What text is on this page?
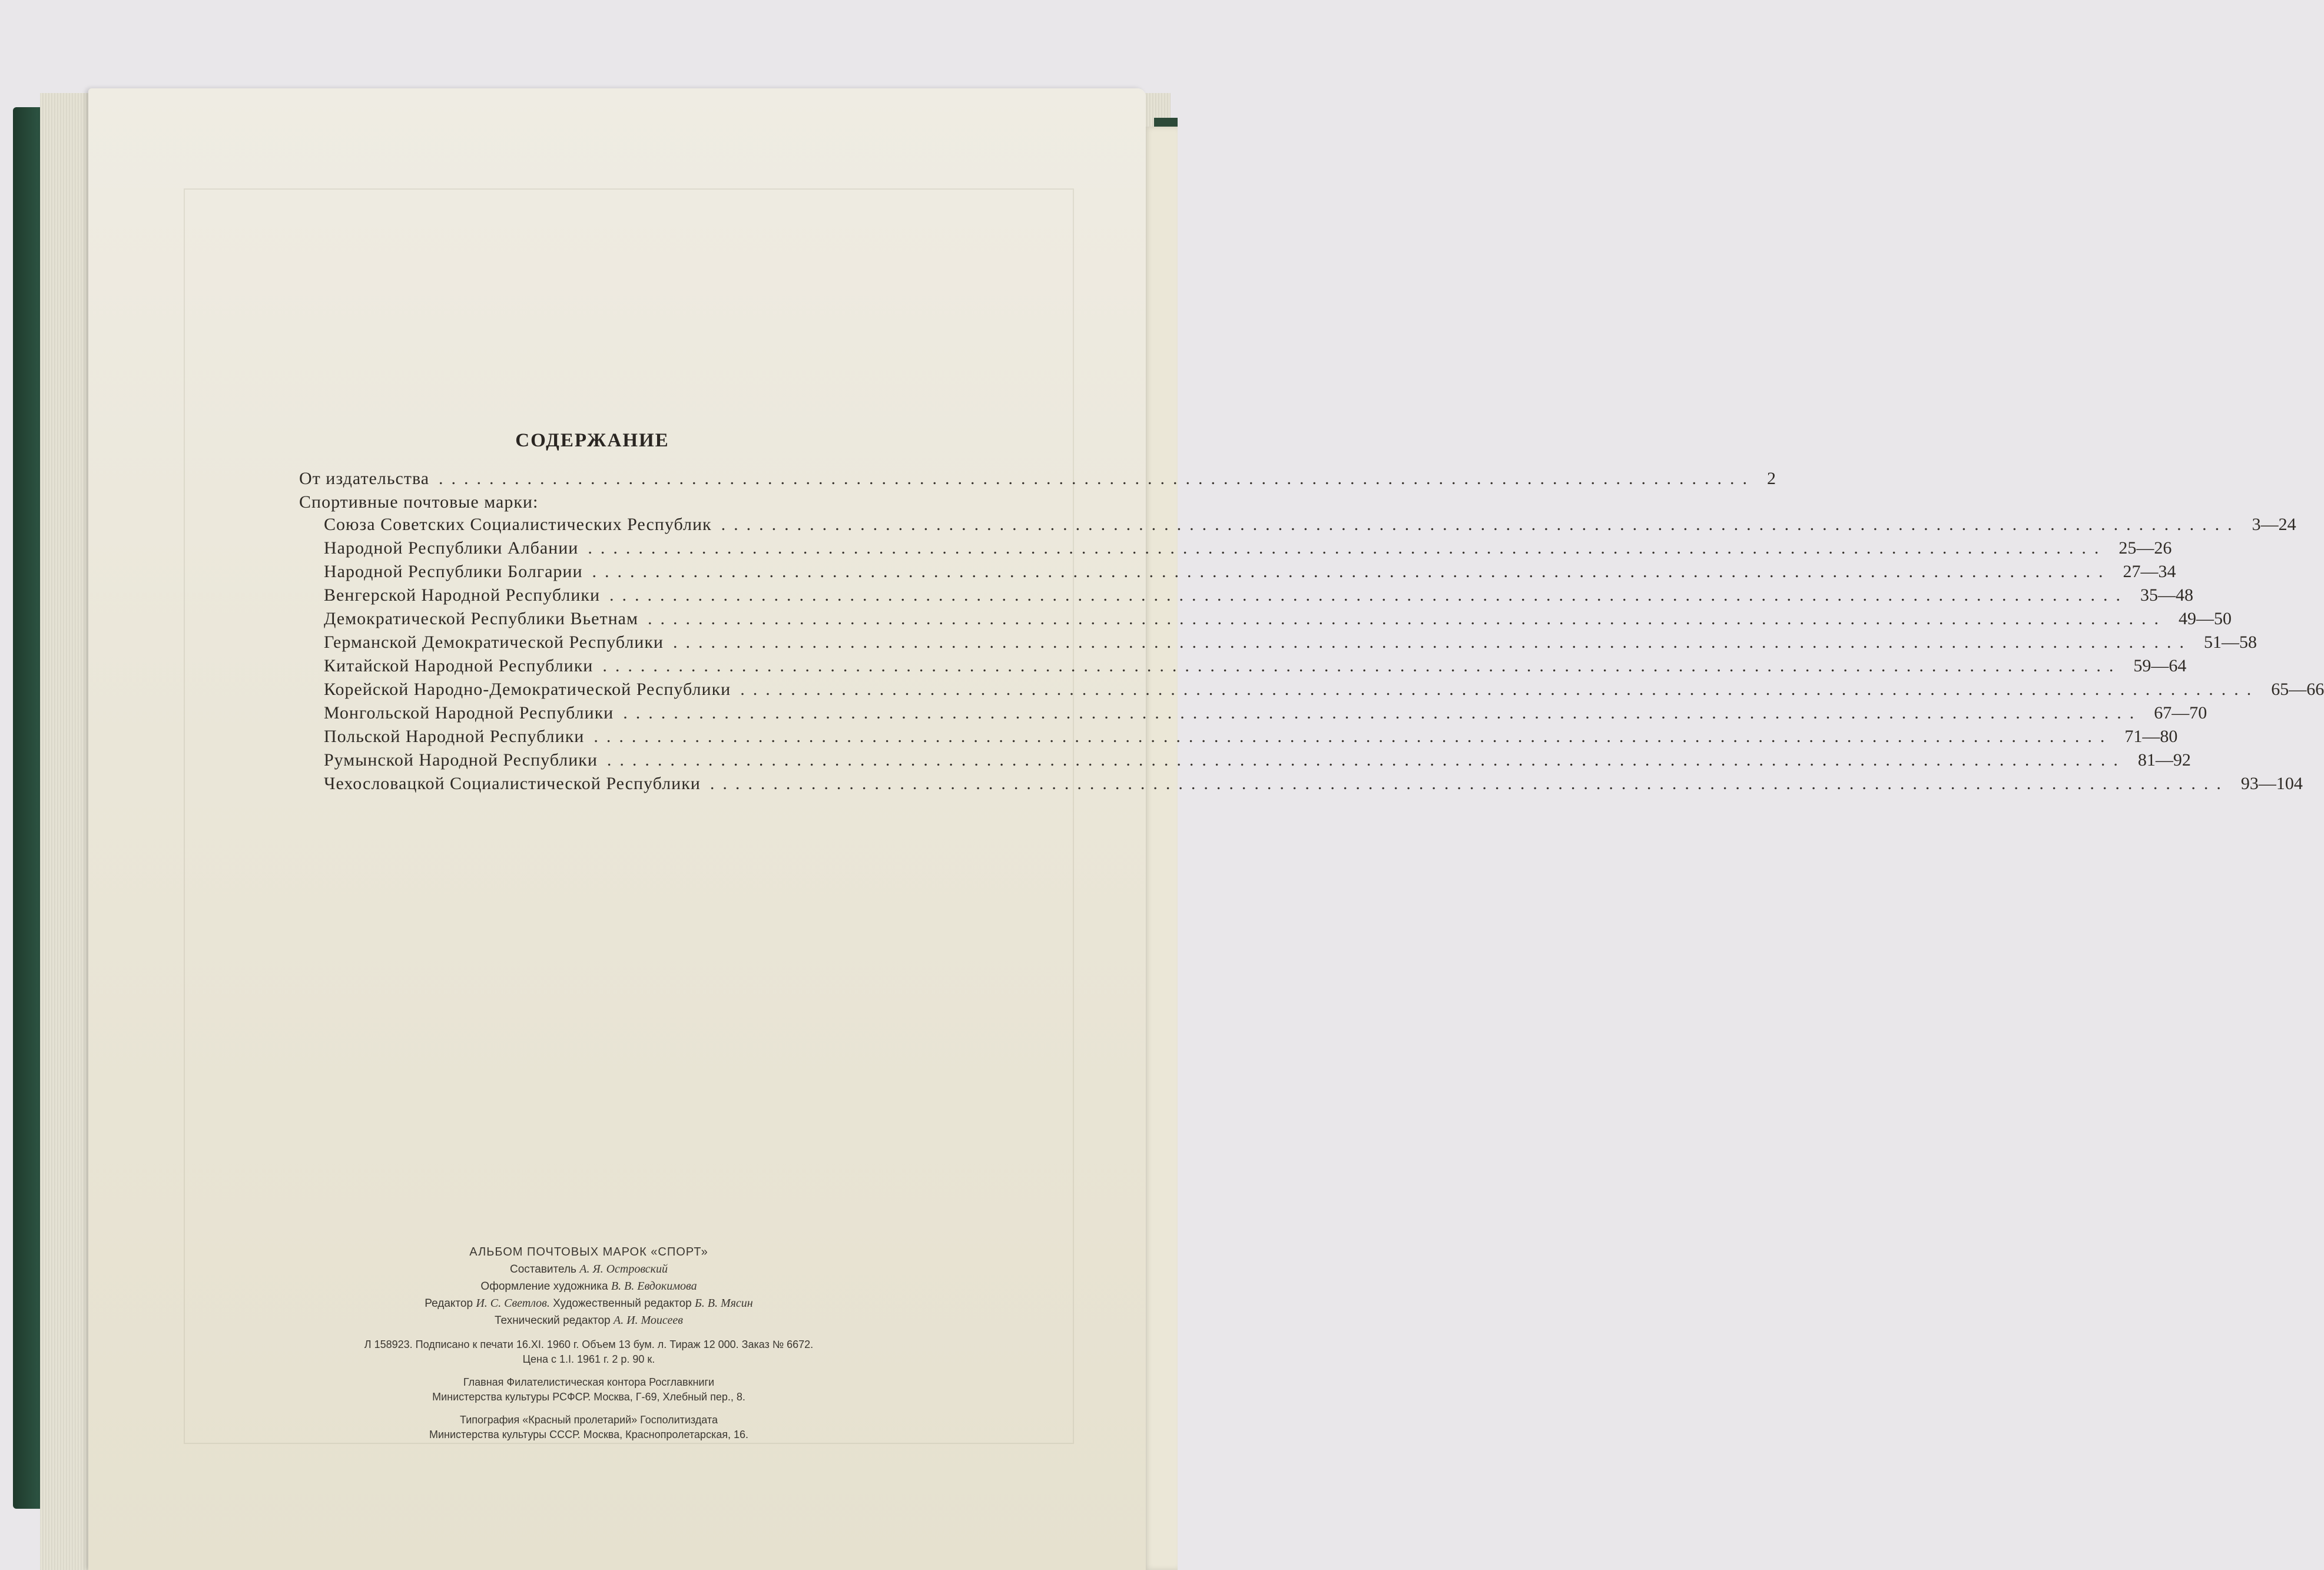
СОДЕРЖАНИЕ
От издательства ........................................................................................................ 2
Спортивные почтовые марки:
Союза Советских Социалистических Республик ........................................................................................................................ 3—24
Народной Республики Албании ........................................................................................................................ 25—26
Народной Республики Болгарии ........................................................................................................................ 27—34
Венгерской Народной Республики ........................................................................................................................ 35—48
Демократической Республики Вьетнам ........................................................................................................................ 49—50
Германской Демократической Республики ........................................................................................................................ 51—58
Китайской Народной Республики ........................................................................................................................ 59—64
Корейской Народно-Демократической Республики ........................................................................................................................ 65—66
Монгольской Народной Республики ........................................................................................................................ 67—70
Польской Народной Республики ........................................................................................................................ 71—80
Румынской Народной Республики ........................................................................................................................ 81—92
Чехословацкой Социалистической Республики ........................................................................................................................ 93—104
АЛЬБОМ ПОЧТОВЫХ МАРОК «СПОРТ»
Составитель А. Я. Островский
Оформление художника В. В. Евдокимова
Редактор И. С. Светлов. Художественный редактор Б. В. Мясин
Технический редактор А. И. Моисеев
Л 158923. Подписано к печати 16.XI. 1960 г. Объем 13 бум. л. Тираж 12 000. Заказ № 6672.
Цена с 1.I. 1961 г. 2 р. 90 к.
Главная Филателистическая контора Росглавкниги
Министерства культуры РСФСР. Москва, Г-69, Хлебный пер., 8.
Типография «Красный пролетарий» Госполитиздата
Министерства культуры СССР. Москва, Краснопролетарская, 16.
